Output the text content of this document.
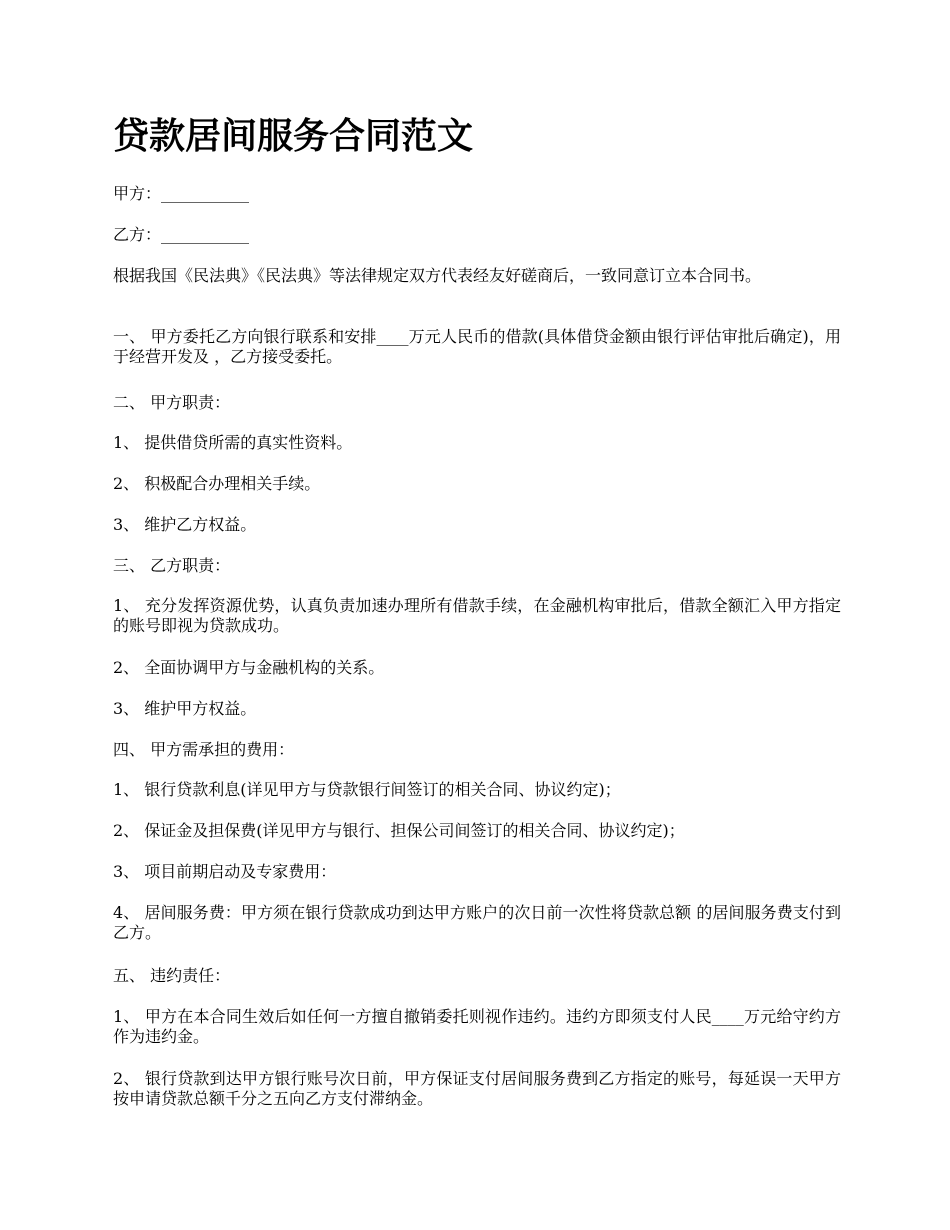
贷款居间服务合同范文

甲方：___________

乙方：___________

根据我国《民法典》《民法典》等法律规定双方代表经友好磋商后，一致同意订立本合同书。

一、 甲方委托乙方向银行联系和安排____万元人民币的借款(具体借贷金额由银行评估审批后确定)，用于经营开发及 ，乙方接受委托。

二、 甲方职责：

1、 提供借贷所需的真实性资料。

2、 积极配合办理相关手续。

3、 维护乙方权益。

三、 乙方职责：

1、 充分发挥资源优势，认真负责加速办理所有借款手续，在金融机构审批后，借款全额汇入甲方指定的账号即视为贷款成功。

2、 全面协调甲方与金融机构的关系。

3、 维护甲方权益。

四、 甲方需承担的费用：

1、 银行贷款利息(详见甲方与贷款银行间签订的相关合同、协议约定)；

2、 保证金及担保费(详见甲方与银行、担保公司间签订的相关合同、协议约定)；

3、 项目前期启动及专家费用：

4、 居间服务费：甲方须在银行贷款成功到达甲方账户的次日前一次性将贷款总额 的居间服务费支付到乙方。

五、 违约责任：

1、 甲方在本合同生效后如任何一方擅自撤销委托则视作违约。违约方即须支付人民____万元给守约方作为违约金。

2、 银行贷款到达甲方银行账号次日前，甲方保证支付居间服务费到乙方指定的账号，每延误一天甲方按申请贷款总额千分之五向乙方支付滞纳金。
